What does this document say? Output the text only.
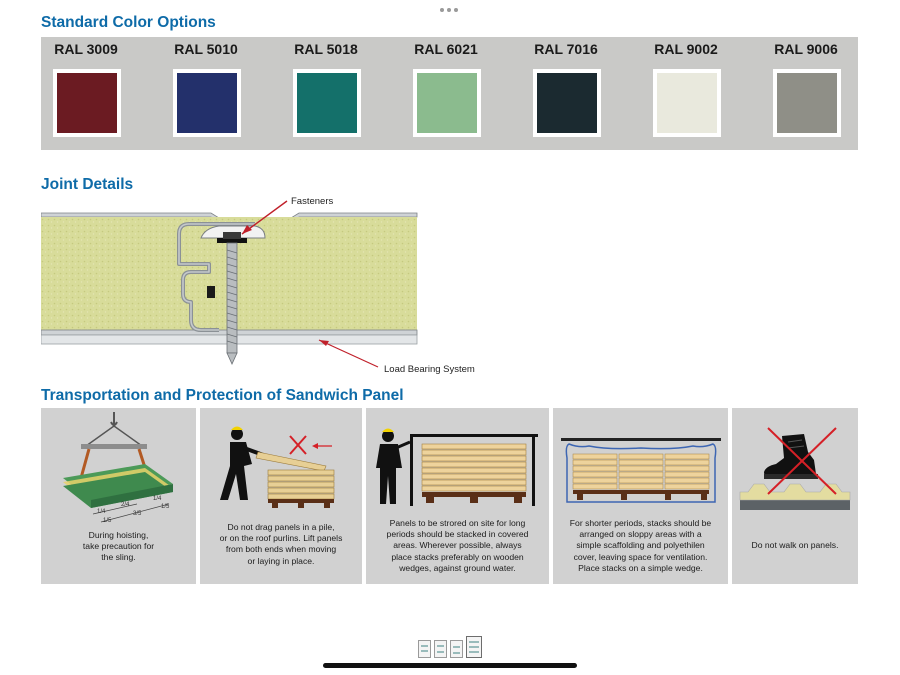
Standard Color Options
RAL 3009	RAL 5010	RAL 5018	RAL 6021	RAL 7016	RAL 9002	RAL 9006
Joint Details
Fasteners
Load Bearing System
Transportation and Protection of Sandwich Panel
1/4
2/4
1/4
1/5
3/5
1/5
During hoisting,
take precaution for
the sling.
Do not drag panels in a pile,
or on the roof purlins. Lift panels
from both ends when moving
or laying in place.
Panels to be strored on site for long
periods should be stacked in covered
areas. Wherever possible, always
place stacks preferably on wooden
wedges, against ground water.
For shorter periods, stacks should be
arranged on sloppy areas with a
simple scaffolding and polyethilen
cover, leaving space for ventilation.
Place stacks on a simple wedge.
Do not walk on panels.
